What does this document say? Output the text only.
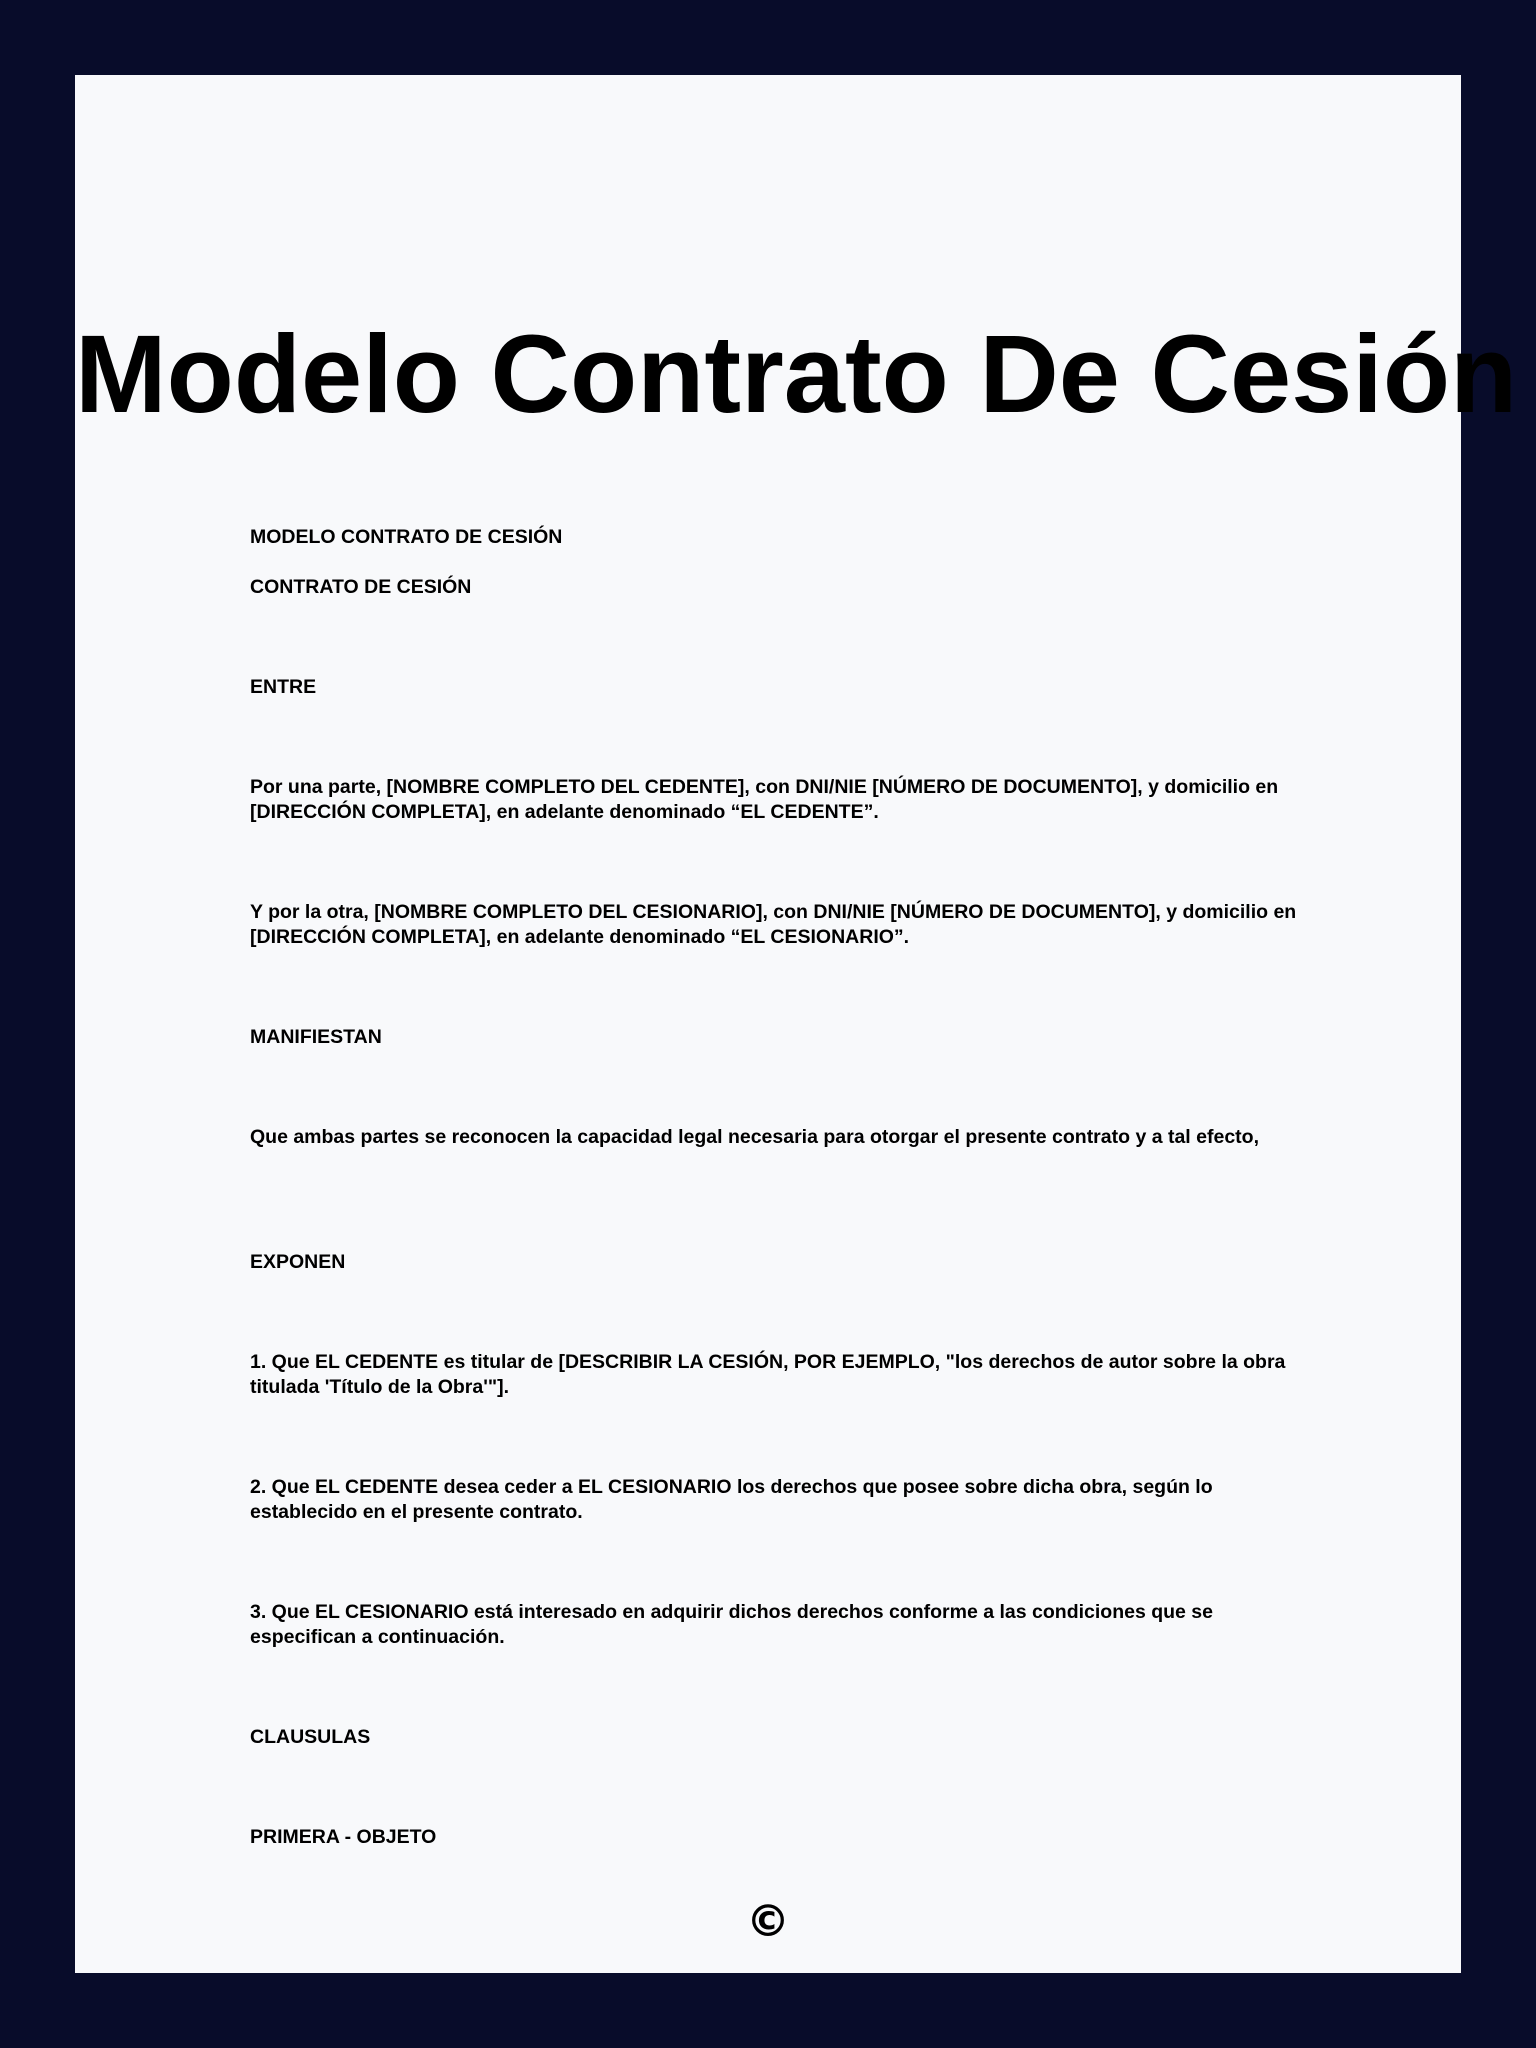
Modelo Contrato De Cesión

MODELO CONTRATO DE CESIÓN

CONTRATO DE CESIÓN

ENTRE

Por una parte, [NOMBRE COMPLETO DEL CEDENTE], con DNI/NIE [NÚMERO DE DOCUMENTO], y domicilio en [DIRECCIÓN COMPLETA], en adelante denominado “EL CEDENTE”.

Y por la otra, [NOMBRE COMPLETO DEL CESIONARIO], con DNI/NIE [NÚMERO DE DOCUMENTO], y domicilio en [DIRECCIÓN COMPLETA], en adelante denominado “EL CESIONARIO”.

MANIFIESTAN

Que ambas partes se reconocen la capacidad legal necesaria para otorgar el presente contrato y a tal efecto,

EXPONEN

1. Que EL CEDENTE es titular de [DESCRIBIR LA CESIÓN, POR EJEMPLO, "los derechos de autor sobre la obra titulada 'Título de la Obra'"].

2. Que EL CEDENTE desea ceder a EL CESIONARIO los derechos que posee sobre dicha obra, según lo establecido en el presente contrato.

3. Que EL CESIONARIO está interesado en adquirir dichos derechos conforme a las condiciones que se especifican a continuación.

CLAUSULAS

PRIMERA - OBJETO

©
